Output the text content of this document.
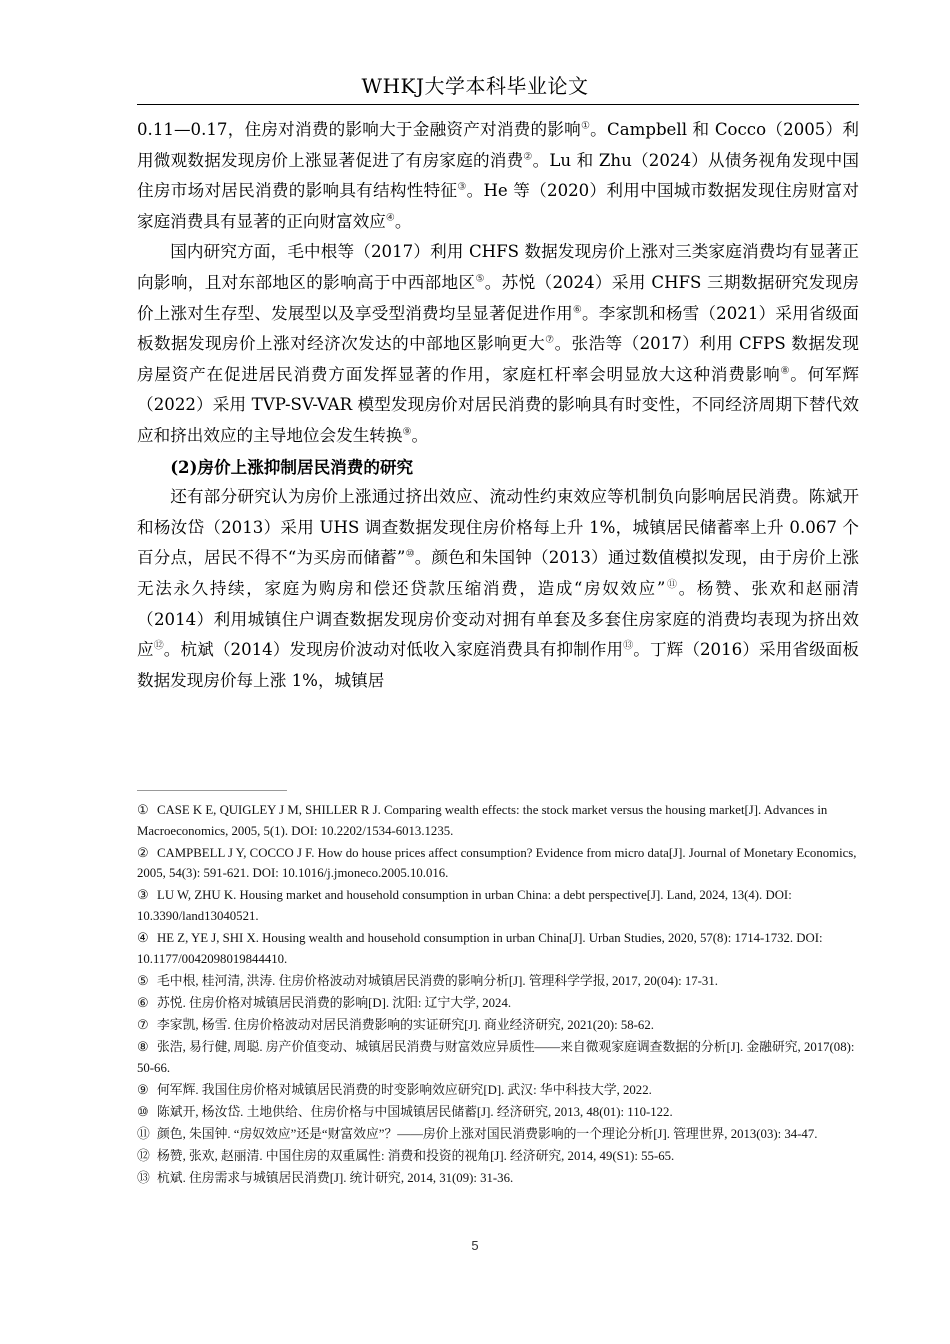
WHKJ大学本科毕业论文

0.11—0.17，住房对消费的影响大于金融资产对消费的影响①。Campbell 和 Cocco（2005）利用微观数据发现房价上涨显著促进了有房家庭的消费②。Lu 和 Zhu（2024）从债务视角发现中国住房市场对居民消费的影响具有结构性特征③。He 等（2020）利用中国城市数据发现住房财富对家庭消费具有显著的正向财富效应④。

国内研究方面，毛中根等（2017）利用 CHFS 数据发现房价上涨对三类家庭消费均有显著正向影响，且对东部地区的影响高于中西部地区⑤。苏悦（2024）采用 CHFS 三期数据研究发现房价上涨对生存型、发展型以及享受型消费均呈显著促进作用⑥。李家凯和杨雪（2021）采用省级面板数据发现房价上涨对经济次发达的中部地区影响更大⑦。张浩等（2017）利用 CFPS 数据发现房屋资产在促进居民消费方面发挥显著的作用，家庭杠杆率会明显放大这种消费影响⑧。何军辉（2022）采用 TVP-SV-VAR 模型发现房价对居民消费的影响具有时变性，不同经济周期下替代效应和挤出效应的主导地位会发生转换⑨。

(2)房价上涨抑制居民消费的研究

还有部分研究认为房价上涨通过挤出效应、流动性约束效应等机制负向影响居民消费。陈斌开和杨汝岱（2013）采用 UHS 调查数据发现住房价格每上升 1%，城镇居民储蓄率上升 0.067 个百分点，居民不得不“为买房而储蓄”⑩。颜色和朱国钟（2013）通过数值模拟发现，由于房价上涨无法永久持续，家庭为购房和偿还贷款压缩消费，造成“房奴效应”⑪。杨赞、张欢和赵丽清（2014）利用城镇住户调查数据发现房价变动对拥有单套及多套住房家庭的消费均表现为挤出效应⑫。杭斌（2014）发现房价波动对低收入家庭消费具有抑制作用⑬。丁辉（2016）采用省级面板数据发现房价每上涨 1%，城镇居

① CASE K E, QUIGLEY J M, SHILLER R J. Comparing wealth effects: the stock market versus the housing market[J]. Advances in Macroeconomics, 2005, 5(1). DOI: 10.2202/1534-6013.1235.

② CAMPBELL J Y, COCCO J F. How do house prices affect consumption? Evidence from micro data[J]. Journal of Monetary Economics, 2005, 54(3): 591-621. DOI: 10.1016/j.jmoneco.2005.10.016.

③ LU W, ZHU K. Housing market and household consumption in urban China: a debt perspective[J]. Land, 2024, 13(4). DOI: 10.3390/land13040521.

④ HE Z, YE J, SHI X. Housing wealth and household consumption in urban China[J]. Urban Studies, 2020, 57(8): 1714-1732. DOI: 10.1177/0042098019844410.

⑤ 毛中根, 桂河清, 洪涛. 住房价格波动对城镇居民消费的影响分析[J]. 管理科学学报, 2017, 20(04): 17-31.

⑥ 苏悦. 住房价格对城镇居民消费的影响[D]. 沈阳: 辽宁大学, 2024.

⑦ 李家凯, 杨雪. 住房价格波动对居民消费影响的实证研究[J]. 商业经济研究, 2021(20): 58-62.

⑧ 张浩, 易行健, 周聪. 房产价值变动、城镇居民消费与财富效应异质性——来自微观家庭调查数据的分析[J]. 金融研究, 2017(08): 50-66.

⑨ 何军辉. 我国住房价格对城镇居民消费的时变影响效应研究[D]. 武汉: 华中科技大学, 2022.

⑩ 陈斌开, 杨汝岱. 土地供给、住房价格与中国城镇居民储蓄[J]. 经济研究, 2013, 48(01): 110-122.

⑪ 颜色, 朱国钟. “房奴效应”还是“财富效应”？——房价上涨对国民消费影响的一个理论分析[J]. 管理世界, 2013(03): 34-47.

⑫ 杨赞, 张欢, 赵丽清. 中国住房的双重属性: 消费和投资的视角[J]. 经济研究, 2014, 49(S1): 55-65.

⑬ 杭斌. 住房需求与城镇居民消费[J]. 统计研究, 2014, 31(09): 31-36.

5
